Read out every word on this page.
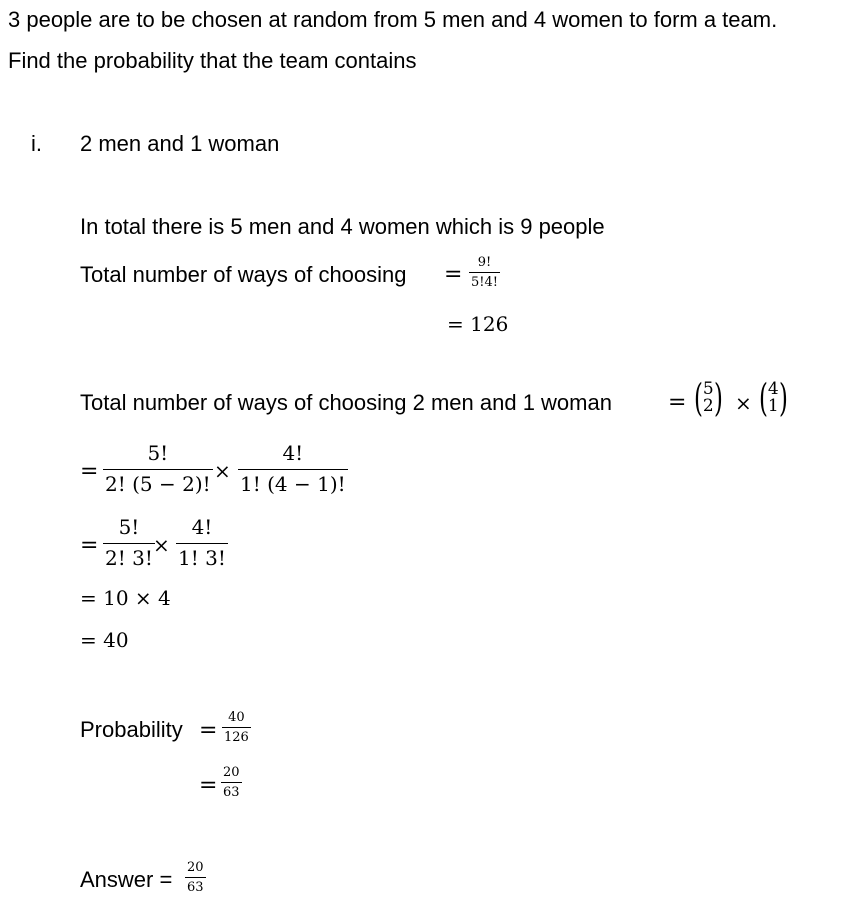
3 people are to be chosen at random from 5 men and 4 women to form a team.
Find the probability that the team contains
i. 2 men and 1 woman
In total there is 5 men and 4 women which is 9 people
Total number of ways of choosing = 9!
5!4!
= 126
Total number of ways of choosing 2 men and 1 woman	= ( 5
2 ) × ( 4
1 )
=
5!
2! (5 − 2)!
×
4!
1! (4 − 1)!
=
5!
2! 3!
×
4!
1! 3!
= 10 × 4
= 40
Probability =
40
126
=
20
63
Answer = 20
63
